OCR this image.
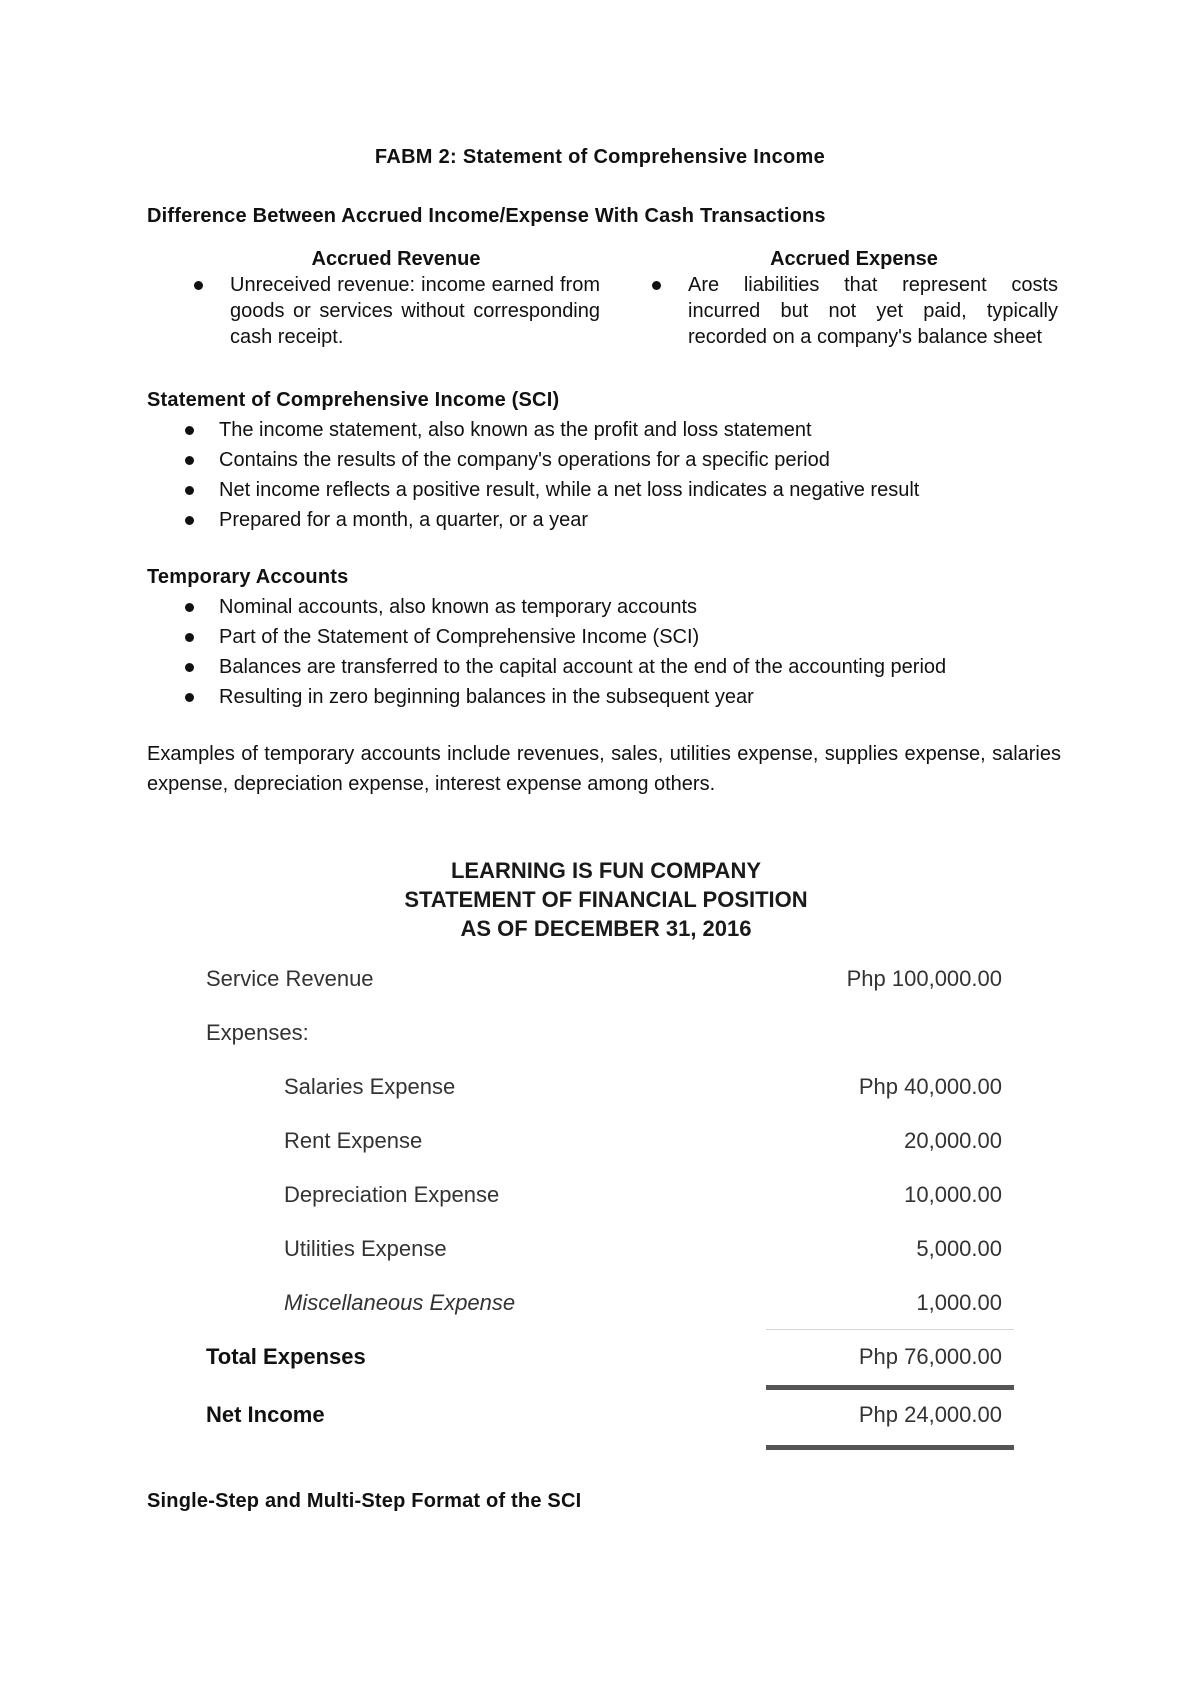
FABM 2: Statement of Comprehensive Income
Difference Between Accrued Income/Expense With Cash Transactions
Accrued Revenue
Unreceived revenue: income earned from goods or services without corresponding cash receipt.
Accrued Expense
Are liabilities that represent costs incurred but not yet paid, typically recorded on a company's balance sheet
Statement of Comprehensive Income (SCI)
The income statement, also known as the profit and loss statement
Contains the results of the company's operations for a specific period
Net income reflects a positive result, while a net loss indicates a negative result
Prepared for a month, a quarter, or a year
Temporary Accounts
Nominal accounts, also known as temporary accounts
Part of the Statement of Comprehensive Income (SCI)
Balances are transferred to the capital account at the end of the accounting period
Resulting in zero beginning balances in the subsequent year
Examples of temporary accounts include revenues, sales, utilities expense, supplies expense, salaries expense, depreciation expense, interest expense among others.
LEARNING IS FUN COMPANY
STATEMENT OF FINANCIAL POSITION
AS OF DECEMBER 31, 2016
Service Revenue	Php 100,000.00
Expenses:
Salaries Expense	Php 40,000.00
Rent Expense	20,000.00
Depreciation Expense	10,000.00
Utilities Expense	5,000.00
Miscellaneous Expense	1,000.00
Total Expenses	Php 76,000.00
Net Income	Php 24,000.00
Single-Step and Multi-Step Format of the SCI
